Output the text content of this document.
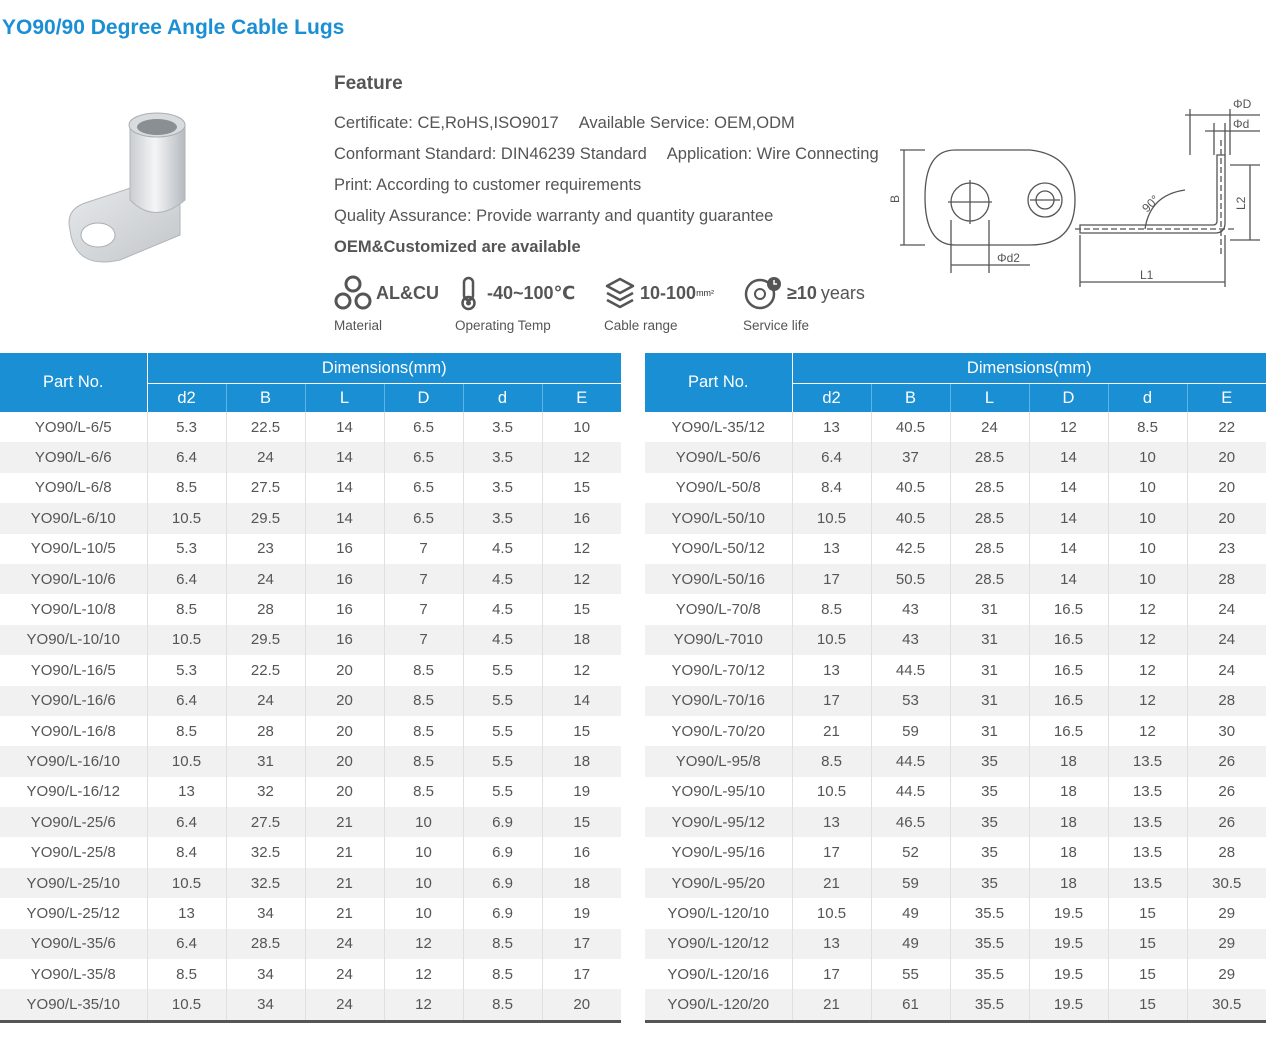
YO90/90 Degree Angle Cable Lugs
Feature
Certificate: CE,RoHS,ISO9017 Available Service: OEM,ODM
Conformant Standard: DIN46239 Standard Application: Wire Connecting
Print: According to customer requirements
Quality Assurance: Provide warranty and quantity guarantee
OEM&Customized are available
AL&CU
Material
-40~100℃
Operating Temp
10-100 mm²
Cable range
≥10 years
Service life
B
Φd2
ΦD
Φd
90°	L2
L1
Part No.	Dimensions(mm)					
	d2	B	L	D	d	E
YO90/L-6/5	5.3	22.5	14	6.5	3.5	10
YO90/L-6/6	6.4	24	14	6.5	3.5	12
YO90/L-6/8	8.5	27.5	14	6.5	3.5	15
YO90/L-6/10	10.5	29.5	14	6.5	3.5	16
YO90/L-10/5	5.3	23	16	7	4.5	12
YO90/L-10/6	6.4	24	16	7	4.5	12
YO90/L-10/8	8.5	28	16	7	4.5	15
YO90/L-10/10	10.5	29.5	16	7	4.5	18
YO90/L-16/5	5.3	22.5	20	8.5	5.5	12
YO90/L-16/6	6.4	24	20	8.5	5.5	14
YO90/L-16/8	8.5	28	20	8.5	5.5	15
YO90/L-16/10	10.5	31	20	8.5	5.5	18
YO90/L-16/12	13	32	20	8.5	5.5	19
YO90/L-25/6	6.4	27.5	21	10	6.9	15
YO90/L-25/8	8.4	32.5	21	10	6.9	16
YO90/L-25/10	10.5	32.5	21	10	6.9	18
YO90/L-25/12	13	34	21	10	6.9	19
YO90/L-35/6	6.4	28.5	24	12	8.5	17
YO90/L-35/8	8.5	34	24	12	8.5	17
YO90/L-35/10	10.5	34	24	12	8.5	20
Part No.	Dimensions(mm)					
	d2	B	L	D	d	E
YO90/L-35/12	13	40.5	24	12	8.5	22
YO90/L-50/6	6.4	37	28.5	14	10	20
YO90/L-50/8	8.4	40.5	28.5	14	10	20
YO90/L-50/10	10.5	40.5	28.5	14	10	20
YO90/L-50/12	13	42.5	28.5	14	10	23
YO90/L-50/16	17	50.5	28.5	14	10	28
YO90/L-70/8	8.5	43	31	16.5	12	24
YO90/L-7010	10.5	43	31	16.5	12	24
YO90/L-70/12	13	44.5	31	16.5	12	24
YO90/L-70/16	17	53	31	16.5	12	28
YO90/L-70/20	21	59	31	16.5	12	30
YO90/L-95/8	8.5	44.5	35	18	13.5	26
YO90/L-95/10	10.5	44.5	35	18	13.5	26
YO90/L-95/12	13	46.5	35	18	13.5	26
YO90/L-95/16	17	52	35	18	13.5	28
YO90/L-95/20	21	59	35	18	13.5	30.5
YO90/L-120/10	10.5	49	35.5	19.5	15	29
YO90/L-120/12	13	49	35.5	19.5	15	29
YO90/L-120/16	17	55	35.5	19.5	15	29
YO90/L-120/20	21	61	35.5	19.5	15	30.5
